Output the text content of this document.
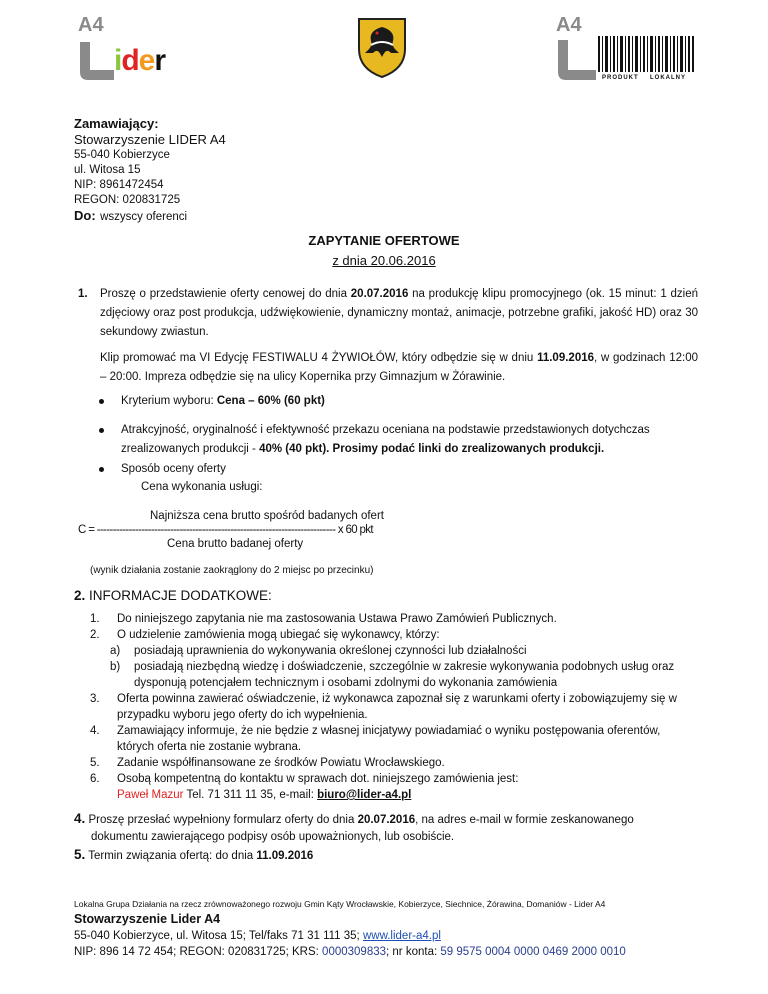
A4
ider
A4
PRODUKT LOKALNY
Zamawiający:
Stowarzyszenie LIDER A4
55-040 Kobierzyce
ul. Witosa 15
NIP: 8961472454
REGON: 020831725
Do: wszyscy oferenci
ZAPYTANIE OFERTOWE
z dnia 20.06.2016
1. Proszę o przedstawienie oferty cenowej do dnia 20.07.2016 na produkcję klipu promocyjnego (ok. 15 minut: 1 dzień zdjęciowy oraz post produkcja, udźwiękowienie, dynamiczny montaż, animacje, potrzebne grafiki, jakość HD) oraz 30 sekundowy zwiastun.
Klip promować ma VI Edycję FESTIWALU 4 ŻYWIOŁÓW, który odbędzie się w dniu 11.09.2016, w godzinach 12:00 – 20:00. Impreza odbędzie się na ulicy Kopernika przy Gimnazjum w Żórawinie.
Kryterium wyboru: Cena – 60% (60 pkt)
Atrakcyjność, oryginalność i efektywność przekazu oceniana na podstawie przedstawionych dotychczas zrealizowanych produkcji - 40% (40 pkt). Prosimy podać linki do zrealizowanych produkcji.
Sposób oceny oferty
Cena wykonania usługi:
Najniższa cena brutto spośród badanych ofert
C = --------------------------------------------------------------------------- x 60 pkt
Cena brutto badanej oferty
(wynik działania zostanie zaokrąglony do 2 miejsc po przecinku)
2. INFORMACJE DODATKOWE:
1. Do niniejszego zapytania nie ma zastosowania Ustawa Prawo Zamówień Publicznych.
2. O udzielenie zamówienia mogą ubiegać się wykonawcy, którzy:
a) posiadają uprawnienia do wykonywania określonej czynności lub działalności
b) posiadają niezbędną wiedzę i doświadczenie, szczególnie w zakresie wykonywania podobnych usług oraz
dysponują potencjałem technicznym i osobami zdolnymi do wykonania zamówienia
3. Oferta powinna zawierać oświadczenie, iż wykonawca zapoznał się z warunkami oferty i zobowiązujemy się w
przypadku wyboru jego oferty do ich wypełnienia.
4. Zamawiający informuje, że nie będzie z własnej inicjatywy powiadamiać o wyniku postępowania oferentów,
których oferta nie zostanie wybrana.
5. Zadanie współfinansowane ze środków Powiatu Wrocławskiego.
6. Osobą kompetentną do kontaktu w sprawach dot. niniejszego zamówienia jest:
Paweł Mazur Tel. 71 311 11 35, e-mail: biuro@lider-a4.pl
4. Proszę przesłać wypełniony formularz oferty do dnia 20.07.2016, na adres e-mail w formie zeskanowanego
dokumentu zawierającego podpisy osób upoważnionych, lub osobiście.
5. Termin związania ofertą: do dnia 11.09.2016
Lokalna Grupa Działania na rzecz zrównoważonego rozwoju Gmin Kąty Wrocławskie, Kobierzyce, Siechnice, Żórawina, Domaniów - Lider A4
Stowarzyszenie Lider A4
55-040 Kobierzyce, ul. Witosa 15; Tel/faks 71 31 111 35; www.lider-a4.pl
NIP: 896 14 72 454; REGON: 020831725; KRS: 0000309833; nr konta: 59 9575 0004 0000 0469 2000 0010
